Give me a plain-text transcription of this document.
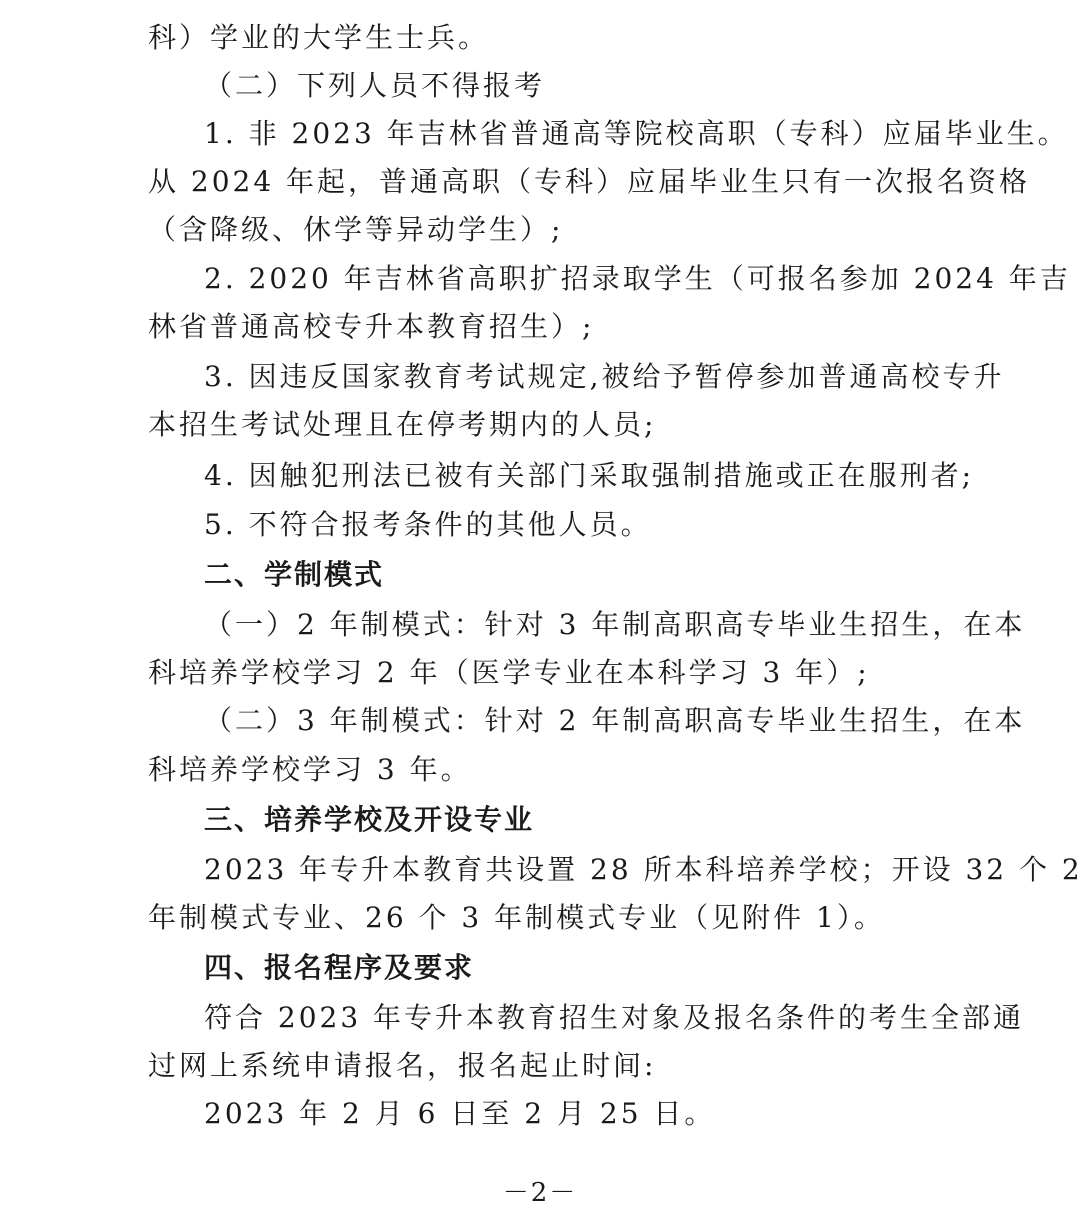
科）学业的大学生士兵。
（二）下列人员不得报考
1. 非 2023 年吉林省普通高等院校高职（专科）应届毕业生。
从 2024 年起，普通高职（专科）应届毕业生只有一次报名资格
（含降级、休学等异动学生）;
2. 2020 年吉林省高职扩招录取学生（可报名参加 2024 年吉
林省普通高校专升本教育招生）;
3. 因违反国家教育考试规定,被给予暂停参加普通高校专升
本招生考试处理且在停考期内的人员;
4. 因触犯刑法已被有关部门采取强制措施或正在服刑者;
5. 不符合报考条件的其他人员。
二、学制模式
（一）2 年制模式：针对 3 年制高职高专毕业生招生，在本
科培养学校学习 2 年（医学专业在本科学习 3 年）;
（二）3 年制模式：针对 2 年制高职高专毕业生招生，在本
科培养学校学习 3 年。
三、培养学校及开设专业
2023 年专升本教育共设置 28 所本科培养学校；开设 32 个 2
年制模式专业、26 个 3 年制模式专业（见附件 1）。
四、报名程序及要求
符合 2023 年专升本教育招生对象及报名条件的考生全部通
过网上系统申请报名，报名起止时间:
2023 年 2 月 6 日至 2 月 25 日。
－2－
